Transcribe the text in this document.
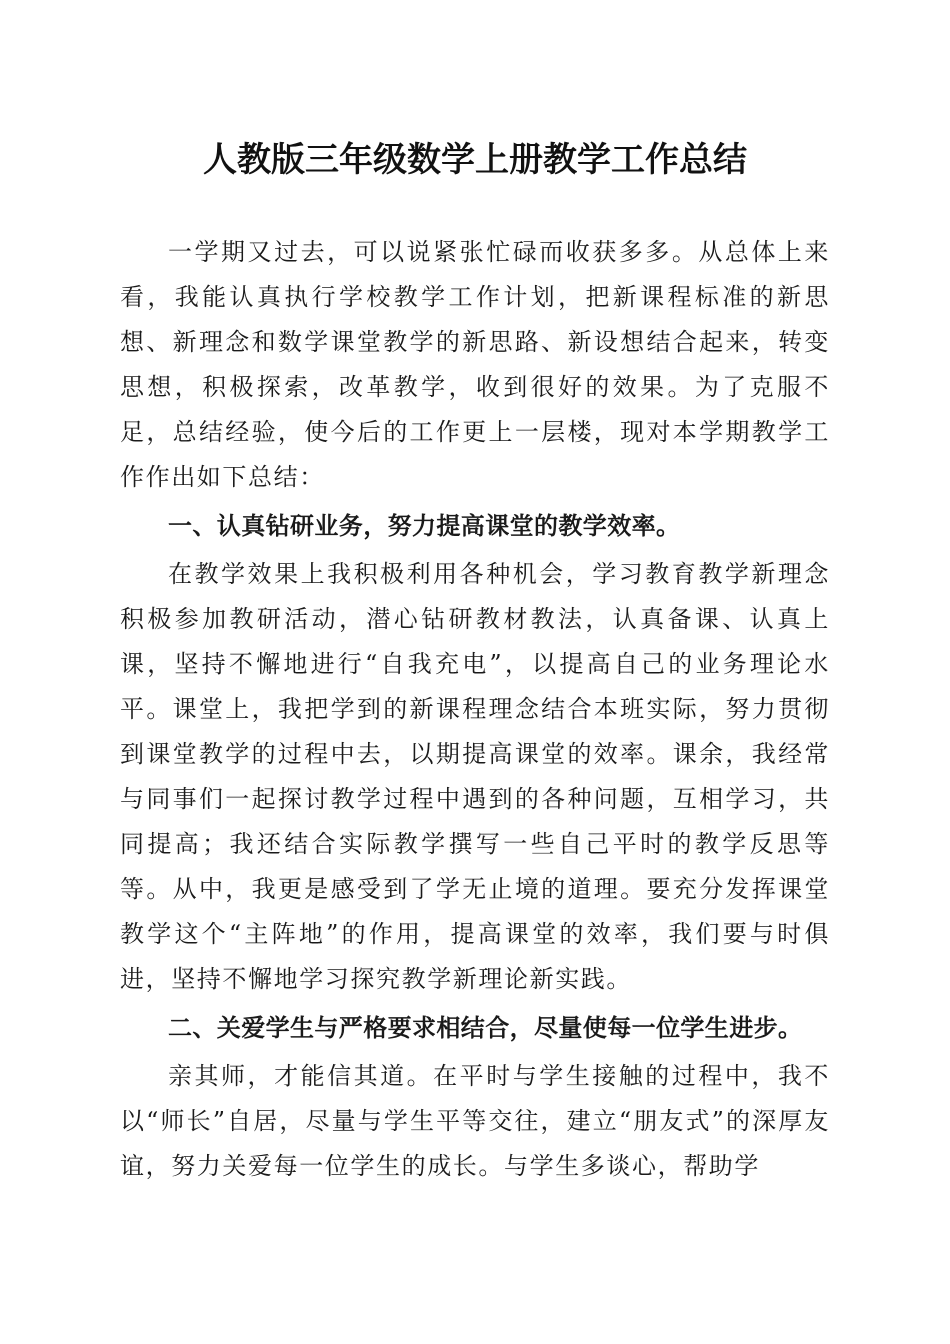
人教版三年级数学上册教学工作总结

一学期又过去，可以说紧张忙碌而收获多多。从总体上来看，我能认真执行学校教学工作计划，把新课程标准的新思想、新理念和数学课堂教学的新思路、新设想结合起来，转变思想，积极探索，改革教学，收到很好的效果。为了克服不足，总结经验，使今后的工作更上一层楼，现对本学期教学工作作出如下总结：

一、认真钻研业务，努力提高课堂的教学效率。

在教学效果上我积极利用各种机会，学习教育教学新理念积极参加教研活动，潜心钻研教材教法，认真备课、认真上课，坚持不懈地进行“自我充电”，以提高自己的业务理论水平。课堂上，我把学到的新课程理念结合本班实际，努力贯彻到课堂教学的过程中去，以期提高课堂的效率。课余，我经常与同事们一起探讨教学过程中遇到的各种问题，互相学习，共同提高；我还结合实际教学撰写一些自己平时的教学反思等等。从中，我更是感受到了学无止境的道理。要充分发挥课堂教学这个“主阵地”的作用，提高课堂的效率，我们要与时俱进，坚持不懈地学习探究教学新理论新实践。

二、关爱学生与严格要求相结合，尽量使每一位学生进步。

亲其师，才能信其道。在平时与学生接触的过程中，我不以“师长”自居，尽量与学生平等交往，建立“朋友式”的深厚友谊，努力关爱每一位学生的成长。与学生多谈心，帮助学
